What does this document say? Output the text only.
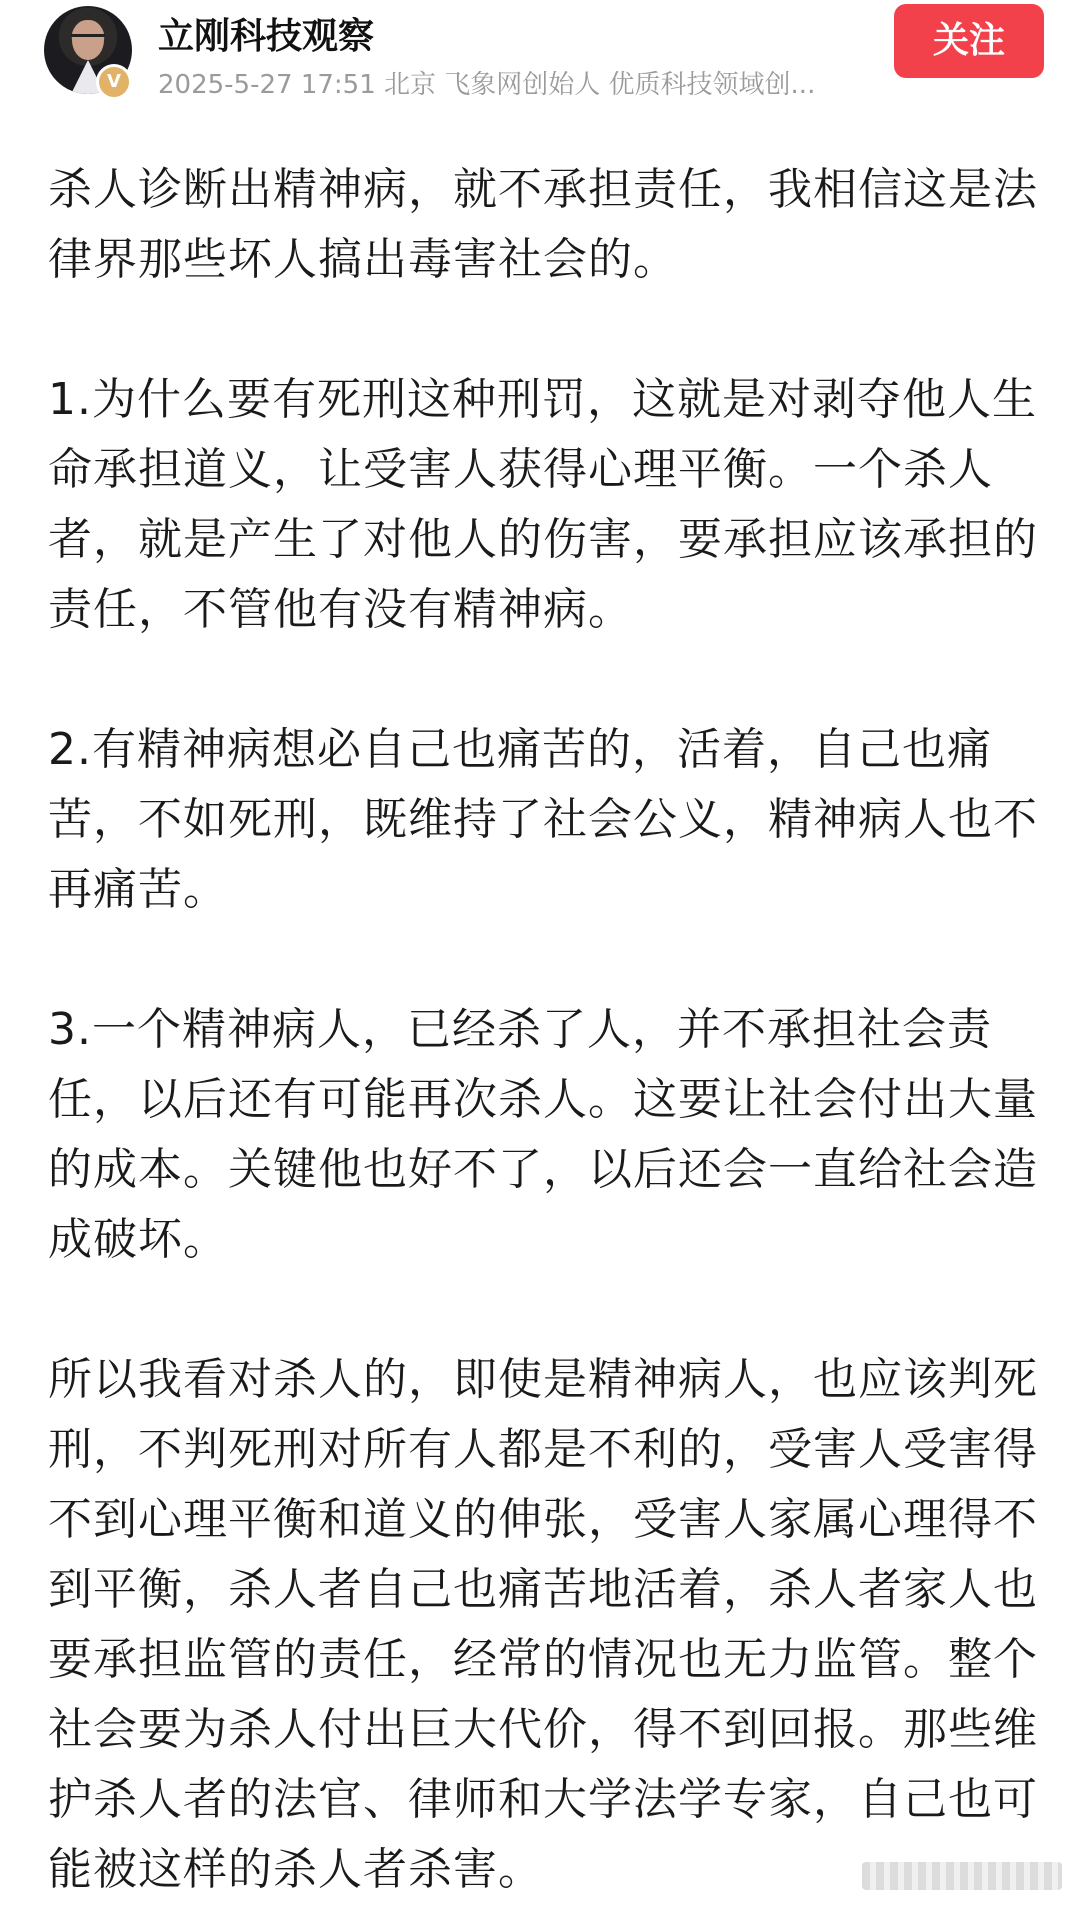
V
立刚科技观察
2025-5-27 17:51 北京 飞象网创始人 优质科技领域创...
关注

杀人诊断出精神病，就不承担责任，我相信这是法律界那些坏人搞出毒害社会的。

1.为什么要有死刑这种刑罚，这就是对剥夺他人生命承担道义，让受害人获得心理平衡。一个杀人者，就是产生了对他人的伤害，要承担应该承担的责任，不管他有没有精神病。

2.有精神病想必自己也痛苦的，活着，自己也痛苦，不如死刑，既维持了社会公义，精神病人也不再痛苦。

3.一个精神病人，已经杀了人，并不承担社会责任，以后还有可能再次杀人。这要让社会付出大量的成本。关键他也好不了，以后还会一直给社会造成破坏。

所以我看对杀人的，即使是精神病人，也应该判死刑，不判死刑对所有人都是不利的，受害人受害得不到心理平衡和道义的伸张，受害人家属心理得不到平衡，杀人者自己也痛苦地活着，杀人者家人也要承担监管的责任，经常的情况也无力监管。整个社会要为杀人付出巨大代价，得不到回报。那些维护杀人者的法官、律师和大学法学专家，自己也可能被这样的杀人者杀害。
